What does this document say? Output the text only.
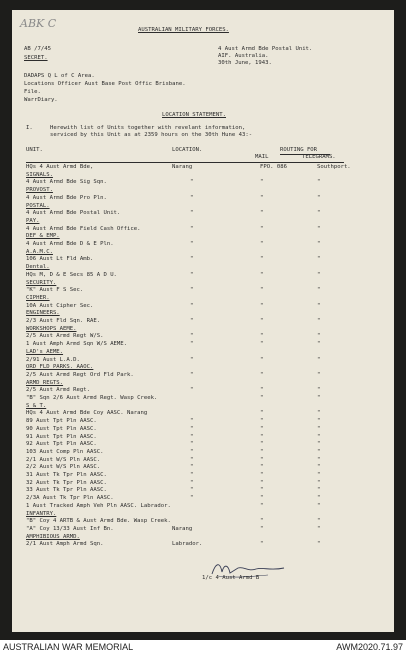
ABK C	AUSTRALIAN MILITARY FORCES.
AB /7/45
SECRET.
4 Aust Armd Bde Postal Unit.
AIF. Australia.
30th June, 1943.
DADAPS Q L of C Area.
Locations Officer Aust Base Post Offic Brisbane.
File.
WarrDiary.
LOCATION STATEMENT.
I.	Herewith list of Units together with revelant information,
serviced by this Unit as at 2359 hours on the 30th Hune 43:-
UNIT.	LOCATION.	ROUTING FOR
MAIL	TELEGRAMS.
HQs 4 Aust Armd Bde,	Narang	FPO. 086	Southport.
SIGNALS.
4 Aust Armd Bde Sig Sqn.	"	"	"
PROVOST.
4 Aust Armd Bde Pro Pln.	"	"	"
POSTAL.
4 Aust Armd Bde Postal Unit.	"	"	"
PAY.
4 Aust Armd Bde Field Cash Office.	"	"	"
DEF & EMP.
4 Aust Armd Bde D & E Pln.	"	"	"
A.A.M.C.
106 Aust Lt Fld Amb.	"	"	"
Dental.
HQs M, D & E Secs 85 A D U.	"	"	"
SECURITY.
"K" Aust F S Sec.	"	"	"
CIPHER.
10A Aust Cipher Sec.	"	"	"
ENGINEERS.
2/3 Aust Fld Sqn. RAE.	"	"	"
WORKSHOPS AEME.
2/5 Aust Armd Regt W/S.	"	"	"
1 Aust Amph Armd Sqn W/S AEME.	"	"	"
LAD's AEME.
2/91 Aust L.A.D.	"	"	"
ORD FLD PARKS. AAOC.
2/5 Aust Armd Regt Ord Fld Park.	"	"	"
ARMD REGTS.
2/5 Aust Armd Regt.	"	"	"
"B" Sqn 2/6 Aust Armd Regt. Wasp Creek.	"	"
S & T.
HQs 4 Aust Armd Bde Coy AASC. Narang	"	"
89 Aust Tpt Pln AASC.	"	"	"
90 Aust Tpt Pln AASC.	"	"	"
91 Aust Tpt Pln AASC.	"	"	"
92 Aust Tpt Pln AASC.	"	"	"
103 Aust Comp Pln AASC.	"	"	"
2/1 Aust W/S Pln AASC.	"	"	"
2/2 Aust W/S Pln AASC.	"	"	"
31 Aust Tk Tpr Pln AASC.	"	"	"
32 Aust Tk Tpr Pln AASC.	"	"	"
33 Aust Tk Tpr Pln AASC.	"	"	"
2/3A Aust Tk Tpr Pln AASC.	"	"	"
1 Aust Tracked Amph Veh Pln AASC. Labrador.	"	"
INFANTRY.
"B" Coy 4 ARTB & Aust Armd Bde. Wasp Creek.	"	"
"A" Coy 13/33 Aust Inf Bn.	Narang	"	"
AMPHIBIOUS ARMD.
2/1 Aust Amph Armd Sqn.	Labrador.	"	"
1/c 4 Aust Armd B
AUSTRALIAN WAR MEMORIAL	AWM2020.71.97
